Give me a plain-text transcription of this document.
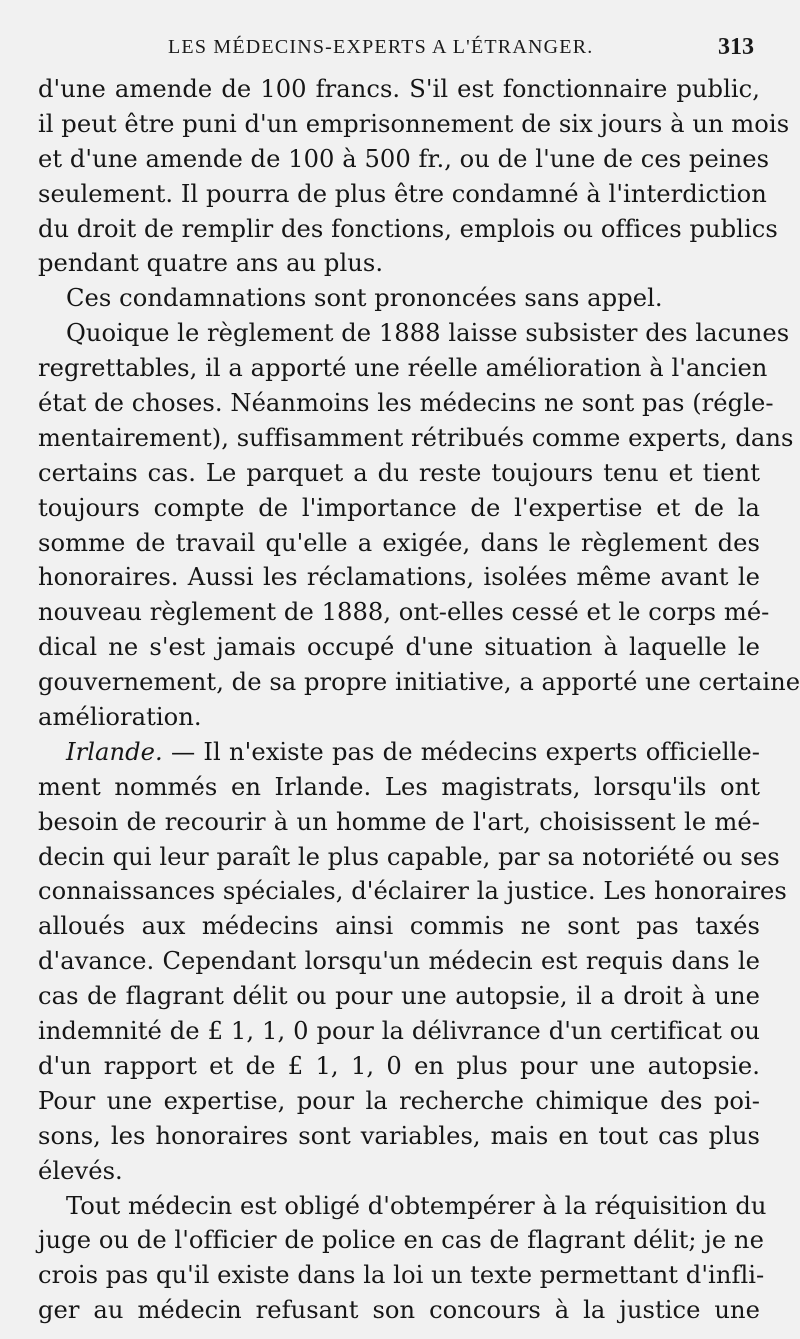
LES MÉDECINS-EXPERTS A L'ÉTRANGER.	313
d'une amende de 100 francs. S'il est fonctionnaire public,
il peut être puni d'un emprisonnement de six jours à un mois
et d'une amende de 100 à 500 fr., ou de l'une de ces peines
seulement. Il pourra de plus être condamné à l'interdiction
du droit de remplir des fonctions, emplois ou offices publics
pendant quatre ans au plus.
Ces condamnations sont prononcées sans appel.
Quoique le règlement de 1888 laisse subsister des lacunes
regrettables, il a apporté une réelle amélioration à l'ancien
état de choses. Néanmoins les médecins ne sont pas (régle-
mentairement), suffisamment rétribués comme experts, dans
certains cas. Le parquet a du reste toujours tenu et tient
toujours compte de l'importance de l'expertise et de la
somme de travail qu'elle a exigée, dans le règlement des
honoraires. Aussi les réclamations, isolées même avant le
nouveau règlement de 1888, ont-elles cessé et le corps mé-
dical ne s'est jamais occupé d'une situation à laquelle le
gouvernement, de sa propre initiative, a apporté une certaine
amélioration.
Irlande. — Il n'existe pas de médecins experts officielle-
ment nommés en Irlande. Les magistrats, lorsqu'ils ont
besoin de recourir à un homme de l'art, choisissent le mé-
decin qui leur paraît le plus capable, par sa notoriété ou ses
connaissances spéciales, d'éclairer la justice. Les honoraires
alloués aux médecins ainsi commis ne sont pas taxés
d'avance. Cependant lorsqu'un médecin est requis dans le
cas de flagrant délit ou pour une autopsie, il a droit à une
indemnité de £ 1, 1, 0 pour la délivrance d'un certificat ou
d'un rapport et de £ 1, 1, 0 en plus pour une autopsie.
Pour une expertise, pour la recherche chimique des poi-
sons, les honoraires sont variables, mais en tout cas plus
élevés.
Tout médecin est obligé d'obtempérer à la réquisition du
juge ou de l'officier de police en cas de flagrant délit; je ne
crois pas qu'il existe dans la loi un texte permettant d'infli-
ger au médecin refusant son concours à la justice une
